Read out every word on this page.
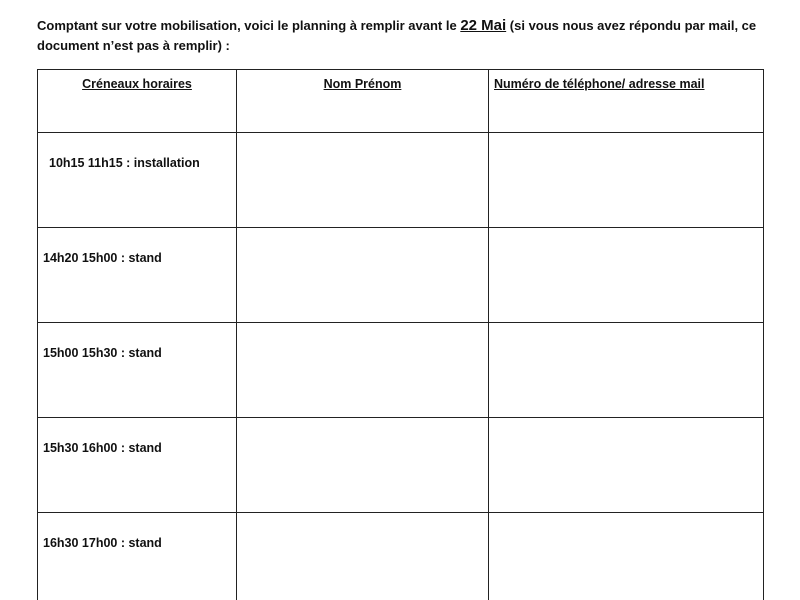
Comptant sur votre mobilisation, voici le planning à remplir avant le 22 Mai (si vous nous avez répondu par mail, ce document n’est pas à remplir) :
Créneaux horaires	Nom Prénom	Numéro de téléphone/ adresse mail

10h15 11h15 : installation		

14h20 15h00 : stand		

15h00 15h30 : stand		

15h30 16h00 : stand		

16h30 17h00 : stand		
